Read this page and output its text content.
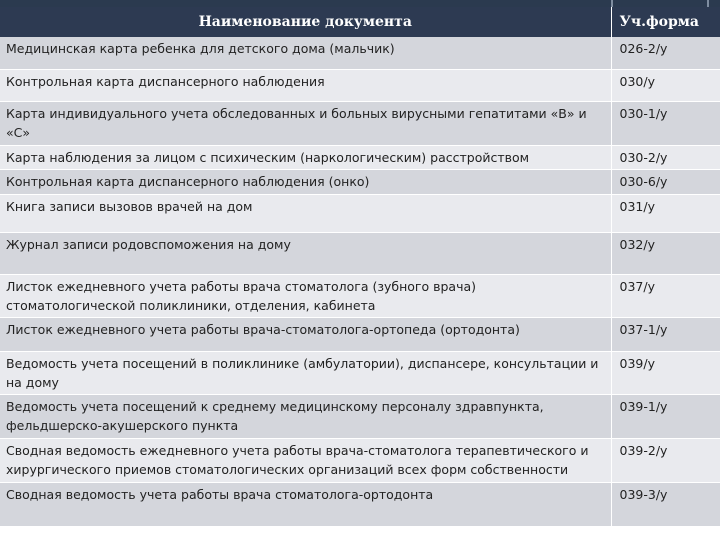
Наименование документа	Уч.форма
Медицинская карта ребенка для детского дома (мальчик)	026-2/у
Контрольная карта диспансерного наблюдения	030/у
Карта индивидуального учета обследованных и больных вирусными гепатитами «В» и «С»	030-1/у
Карта наблюдения за лицом с психическим (наркологическим) расстройством	030-2/у
Контрольная карта диспансерного наблюдения (онко)	030-6/у
Книга записи вызовов врачей на дом	031/у
Журнал записи родовспоможения на дому	032/у
Листок ежедневного учета работы врача стоматолога (зубного врача) стоматологической поликлиники, отделения, кабинета	037/у
Листок ежедневного учета работы врача-стоматолога-ортопеда (ортодонта)	037-1/у
Ведомость учета посещений в поликлинике (амбулатории), диспансере, консультации и на дому	039/у
Ведомость учета посещений к среднему медицинскому персоналу здравпункта, фельдшерско-акушерского пункта	039-1/у
Сводная ведомость ежедневного учета работы врача-стоматолога терапевтического и хирургического приемов стоматологических организаций всех форм собственности	039-2/у
Сводная ведомость учета работы врача стоматолога-ортодонта	039-3/у
